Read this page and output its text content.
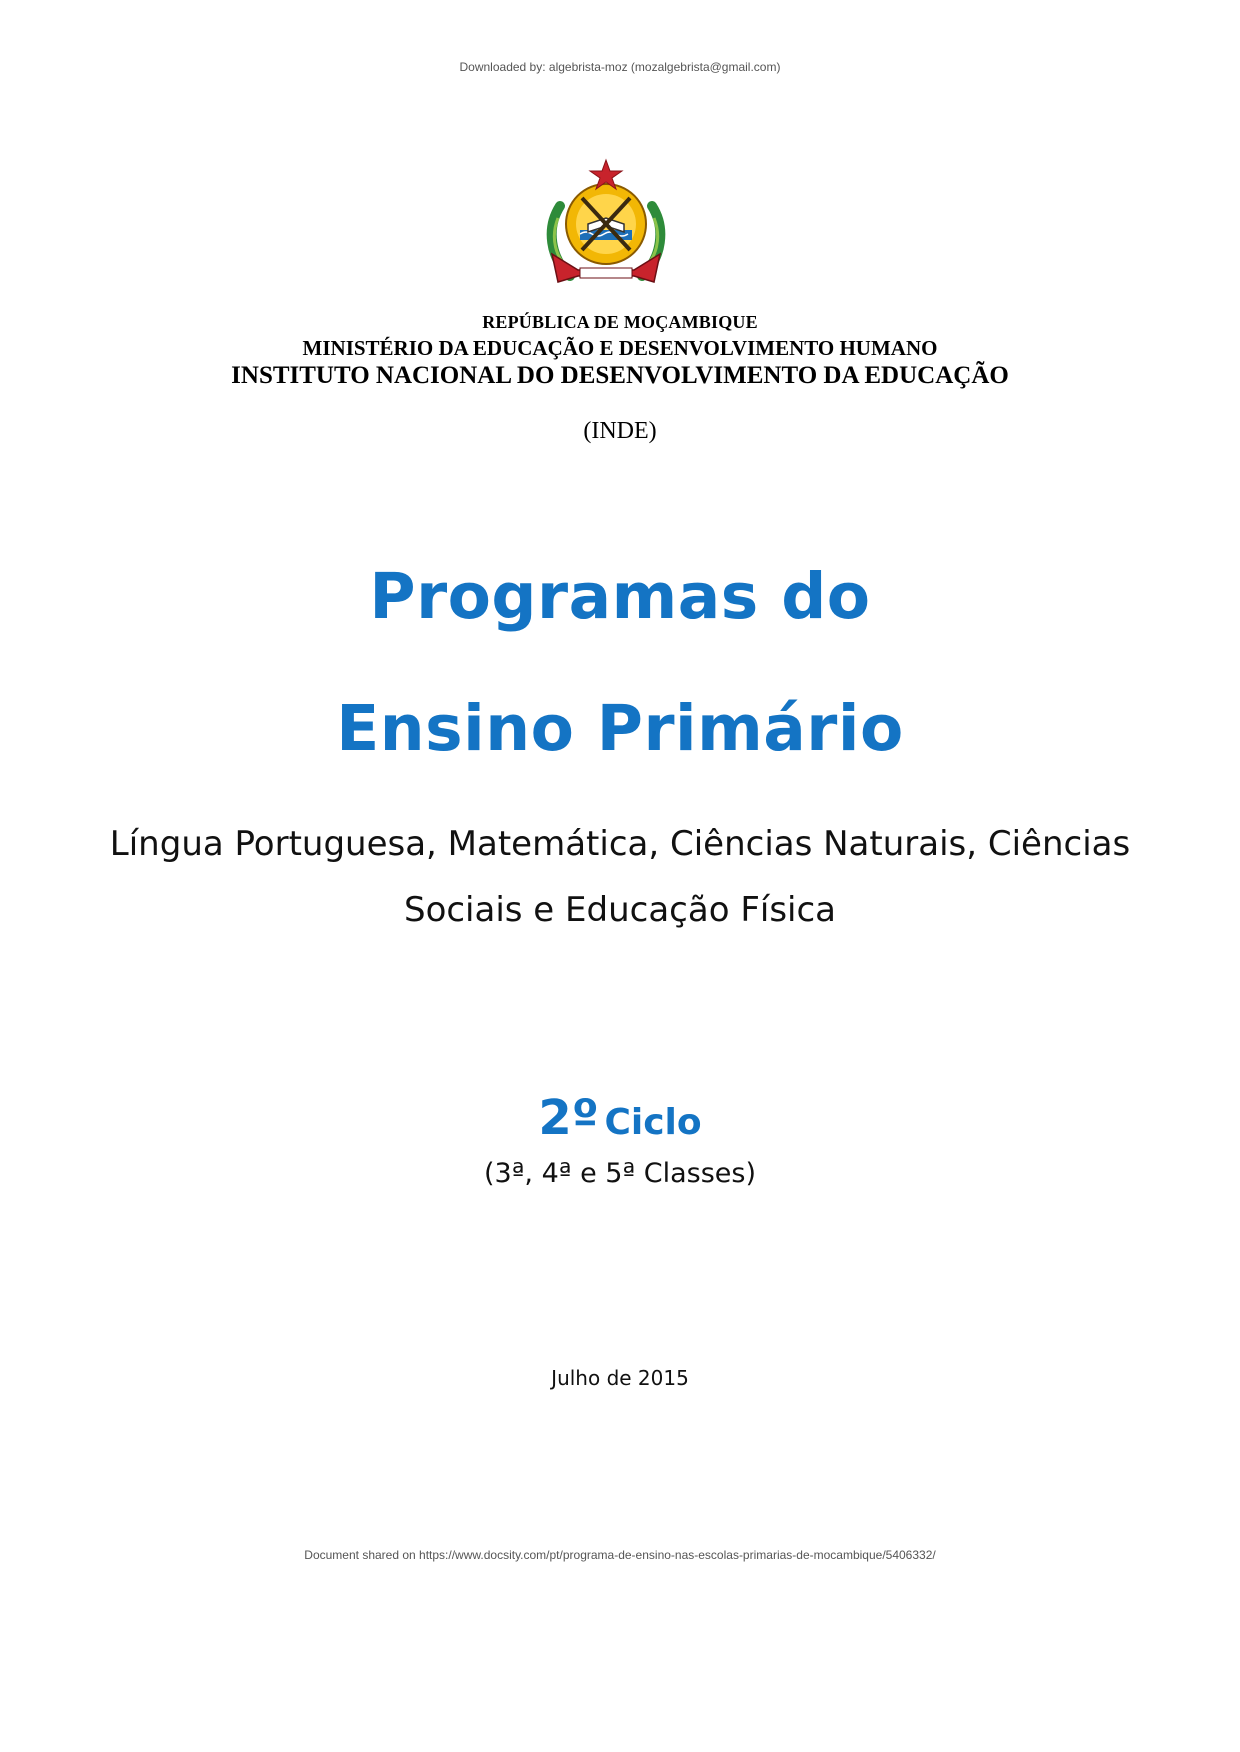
Downloaded by: algebrista-moz (mozalgebrista@gmail.com)
REPÚBLICA DE MOÇAMBIQUE
MINISTÉRIO DA EDUCAÇÃO E DESENVOLVIMENTO HUMANO
INSTITUTO NACIONAL DO DESENVOLVIMENTO DA EDUCAÇÃO
(INDE)
Programas do
Ensino Primário
Língua Portuguesa, Matemática, Ciências Naturais, Ciências
Sociais e Educação Física
2º Ciclo
(3ª, 4ª e 5ª Classes)
Julho de 2015
Document shared on https://www.docsity.com/pt/programa-de-ensino-nas-escolas-primarias-de-mocambique/5406332/
